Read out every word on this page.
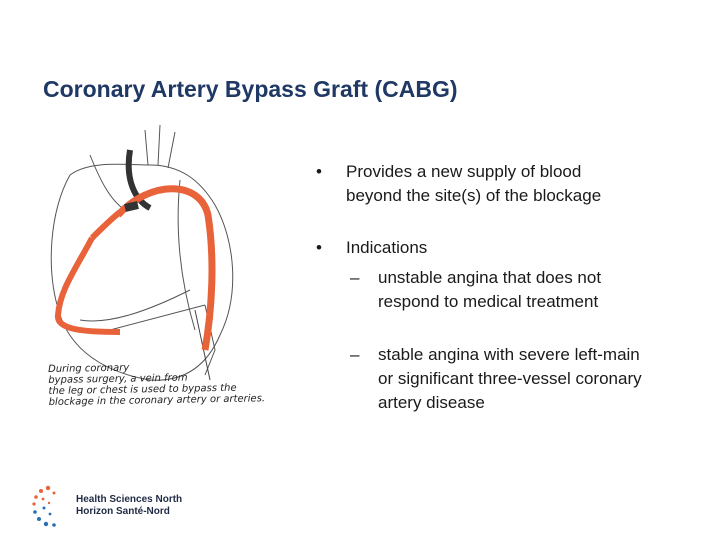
Coronary Artery Bypass Graft (CABG)
During coronary
bypass surgery, a vein from
the leg or chest is used to bypass the
blockage in the coronary artery or arteries.
• Provides a new supply of blood
beyond the site(s) of the blockage
• Indications
– unstable angina that does not
respond to medical treatment
– stable angina with severe left-main
or significant three-vessel coronary
artery disease
Health Sciences North
Horizon Santé-Nord
